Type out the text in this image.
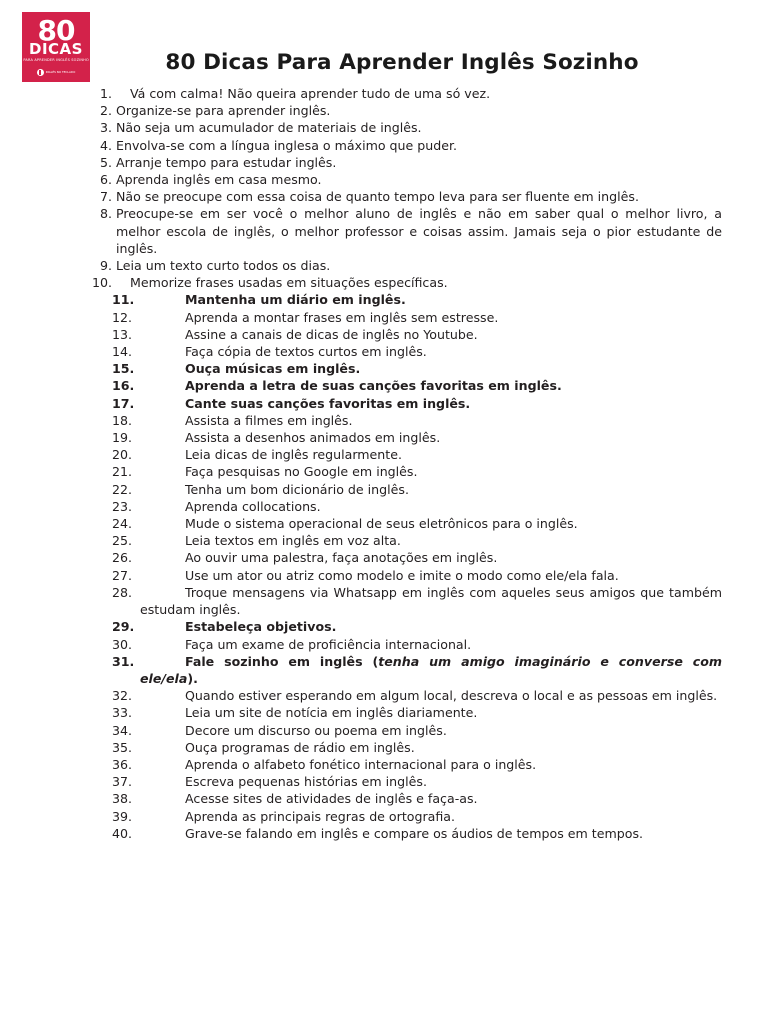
80
DICAS
PARA APRENDER INGLÊS SOZINHO
INGLÊS NO TECLADO	80 Dicas Para Aprender Inglês Sozinho
1. Vá com calma! Não queira aprender tudo de uma só vez.
2. Organize-se para aprender inglês.
3. Não seja um acumulador de materiais de inglês.
4. Envolva-se com a língua inglesa o máximo que puder.
5. Arranje tempo para estudar inglês.
6. Aprenda inglês em casa mesmo.
7. Não se preocupe com essa coisa de quanto tempo leva para ser fluente em inglês.
8. Preocupe-se em ser você o melhor aluno de inglês e não em saber qual o melhor livro, a melhor escola de inglês, o melhor professor e coisas assim. Jamais seja o pior estudante de inglês.
9. Leia um texto curto todos os dias.
10. Memorize frases usadas em situações específicas.
11.	Mantenha um diário em inglês.
12.	Aprenda a montar frases em inglês sem estresse.
13.	Assine a canais de dicas de inglês no Youtube.
14.	Faça cópia de textos curtos em inglês.
15.	Ouça músicas em inglês.
16.	Aprenda a letra de suas canções favoritas em inglês.
17.	Cante suas canções favoritas em inglês.
18.	Assista a filmes em inglês.
19.	Assista a desenhos animados em inglês.
20.	Leia dicas de inglês regularmente.
21.	Faça pesquisas no Google em inglês.
22.	Tenha um bom dicionário de inglês.
23.	Aprenda collocations.
24.	Mude o sistema operacional de seus eletrônicos para o inglês.
25.	Leia textos em inglês em voz alta.
26.	Ao ouvir uma palestra, faça anotações em inglês.
27.	Use um ator ou atriz como modelo e imite o modo como ele/ela fala.
28.	Troque mensagens via Whatsapp em inglês com aqueles seus amigos que também estudam inglês.
29.	Estabeleça objetivos.
30.	Faça um exame de proficiência internacional.
31.	Fale sozinho em inglês (tenha um amigo imaginário e converse com ele/ela).
32.	Quando estiver esperando em algum local, descreva o local e as pessoas em inglês.
33.	Leia um site de notícia em inglês diariamente.
34.	Decore um discurso ou poema em inglês.
35.	Ouça programas de rádio em inglês.
36.	Aprenda o alfabeto fonético internacional para o inglês.
37.	Escreva pequenas histórias em inglês.
38.	Acesse sites de atividades de inglês e faça-as.
39.	Aprenda as principais regras de ortografia.
40.	Grave-se falando em inglês e compare os áudios de tempos em tempos.
